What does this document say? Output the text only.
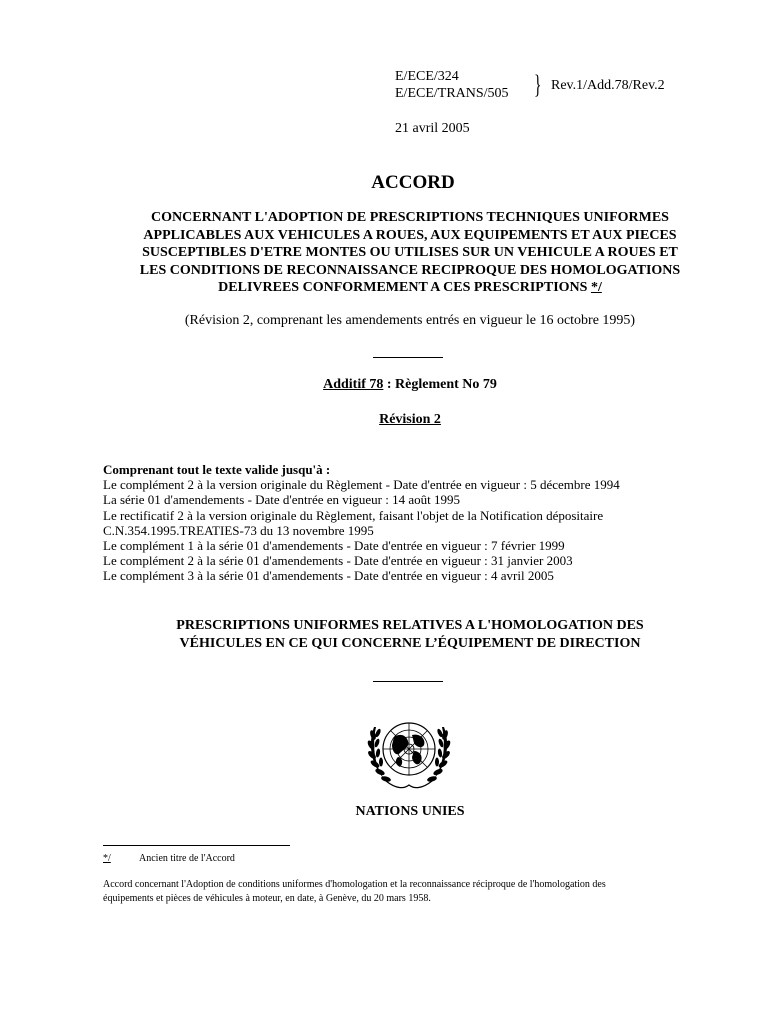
E/ECE/324
E/ECE/TRANS/505 } Rev.1/Add.78/Rev.2
21 avril 2005
ACCORD
CONCERNANT L'ADOPTION DE PRESCRIPTIONS TECHNIQUES UNIFORMES
APPLICABLES AUX VEHICULES A ROUES, AUX EQUIPEMENTS ET AUX PIECES
SUSCEPTIBLES D'ETRE MONTES OU UTILISES SUR UN VEHICULE A ROUES ET
LES CONDITIONS DE RECONNAISSANCE RECIPROQUE DES HOMOLOGATIONS
DELIVREES CONFORMEMENT A CES PRESCRIPTIONS */
(Révision 2, comprenant les amendements entrés en vigueur le 16 octobre 1995)
Additif 78 : Règlement No 79
Révision 2
Comprenant tout le texte valide jusqu'à :
Le complément 2 à la version originale du Règlement - Date d'entrée en vigueur : 5 décembre 1994
La série 01 d'amendements - Date d'entrée en vigueur : 14 août 1995
Le rectificatif 2 à la version originale du Règlement, faisant l'objet de la Notification dépositaire
C.N.354.1995.TREATIES-73 du 13 novembre 1995
Le complément 1 à la série 01 d'amendements - Date d'entrée en vigueur : 7 février 1999
Le complément 2 à la série 01 d'amendements - Date d'entrée en vigueur : 31 janvier 2003
Le complément 3 à la série 01 d'amendements - Date d'entrée en vigueur : 4 avril 2005
PRESCRIPTIONS UNIFORMES RELATIVES A L'HOMOLOGATION DES
VÉHICULES EN CE QUI CONCERNE L’ÉQUIPEMENT DE DIRECTION
NATIONS UNIES
*/	Ancien titre de l'Accord
Accord concernant l'Adoption de conditions uniformes d'homologation et la reconnaissance réciproque de l'homologation des
équipements et pièces de véhicules à moteur, en date, à Genève, du 20 mars 1958.
